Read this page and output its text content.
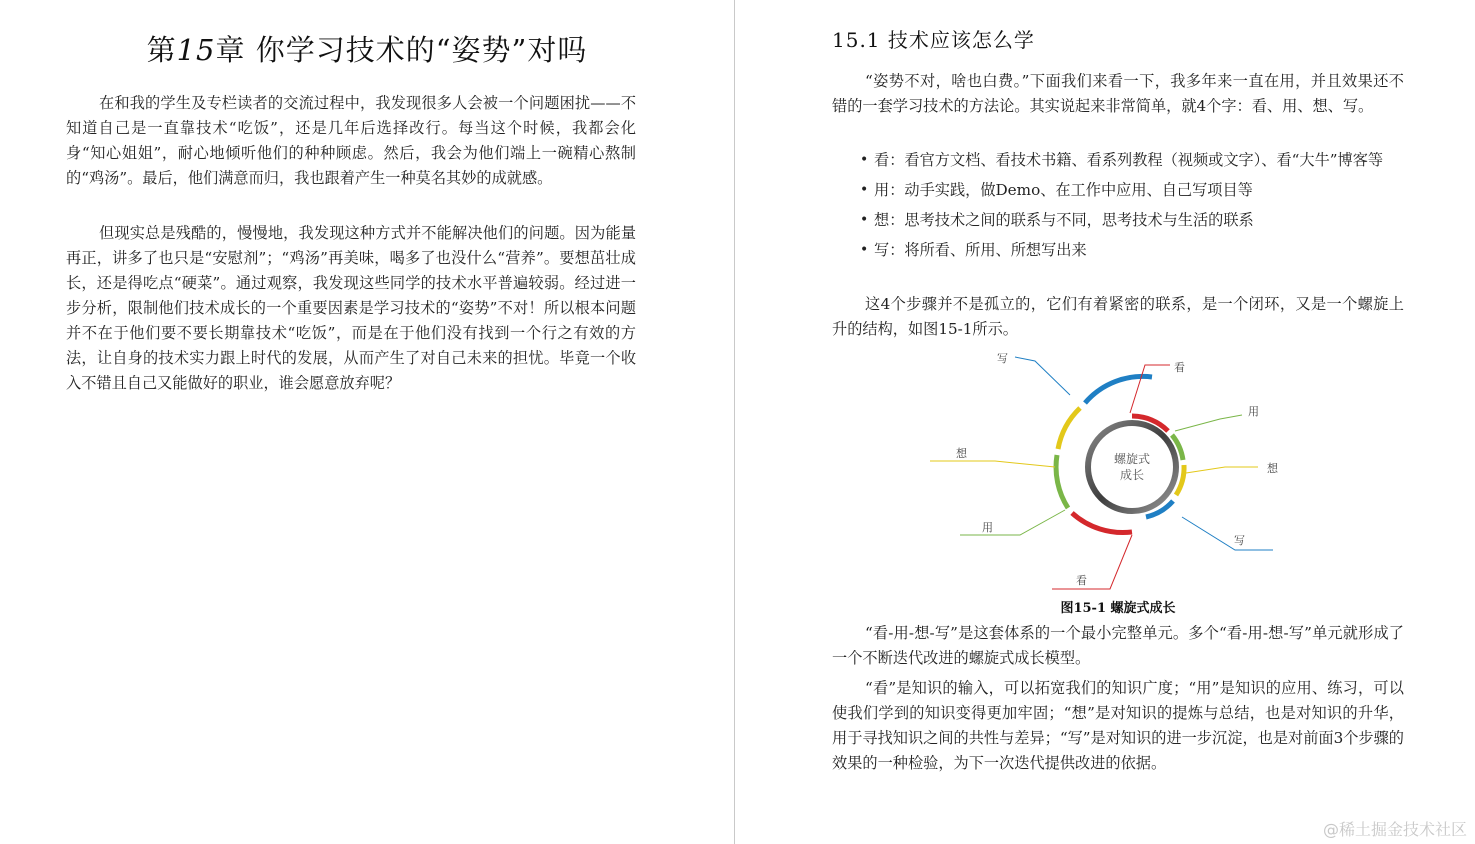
第15章 你学习技术的“姿势”对吗

在和我的学生及专栏读者的交流过程中，我发现很多人会被一个问题困扰——不知道自己是一直靠技术“吃饭”，还是几年后选择改行。每当这个时候，我都会化身“知心姐姐”，耐心地倾听他们的种种顾虑。然后，我会为他们端上一碗精心熬制的“鸡汤”。最后，他们满意而归，我也跟着产生一种莫名其妙的成就感。

但现实总是残酷的，慢慢地，我发现这种方式并不能解决他们的问题。因为能量再正，讲多了也只是“安慰剂”；“鸡汤”再美味，喝多了也没什么“营养”。要想茁壮成长，还是得吃点“硬菜”。通过观察，我发现这些同学的技术水平普遍较弱。经过进一步分析，限制他们技术成长的一个重要因素是学习技术的“姿势”不对！所以根本问题并不在于他们要不要长期靠技术“吃饭”，而是在于他们没有找到一个行之有效的方法，让自身的技术实力跟上时代的发展，从而产生了对自己未来的担忧。毕竟一个收入不错且自己又能做好的职业，谁会愿意放弃呢？

15.1 技术应该怎么学

“姿势不对，啥也白费。”下面我们来看一下，我多年来一直在用，并且效果还不错的一套学习技术的方法论。其实说起来非常简单，就4个字：看、用、想、写。

• 看：看官方文档、看技术书籍、看系列教程（视频或文字）、看“大牛”博客等
• 用：动手实践，做Demo、在工作中应用、自己写项目等
• 想：思考技术之间的联系与不同，思考技术与生活的联系
• 写：将所看、所用、所想写出来

这4个步骤并不是孤立的，它们有着紧密的联系，是一个闭环，又是一个螺旋上升的结构，如图15-1所示。

螺旋式
成长
写
看
用
想
想
写
用
看
图15-1 螺旋式成长

“看-用-想-写”是这套体系的一个最小完整单元。多个“看-用-想-写”单元就形成了一个不断迭代改进的螺旋式成长模型。

“看”是知识的输入，可以拓宽我们的知识广度；“用”是知识的应用、练习，可以使我们学到的知识变得更加牢固；“想”是对知识的提炼与总结，也是对知识的升华，用于寻找知识之间的共性与差异；“写”是对知识的进一步沉淀，也是对前面3个步骤的效果的一种检验，为下一次迭代提供改进的依据。

@稀土掘金技术社区
